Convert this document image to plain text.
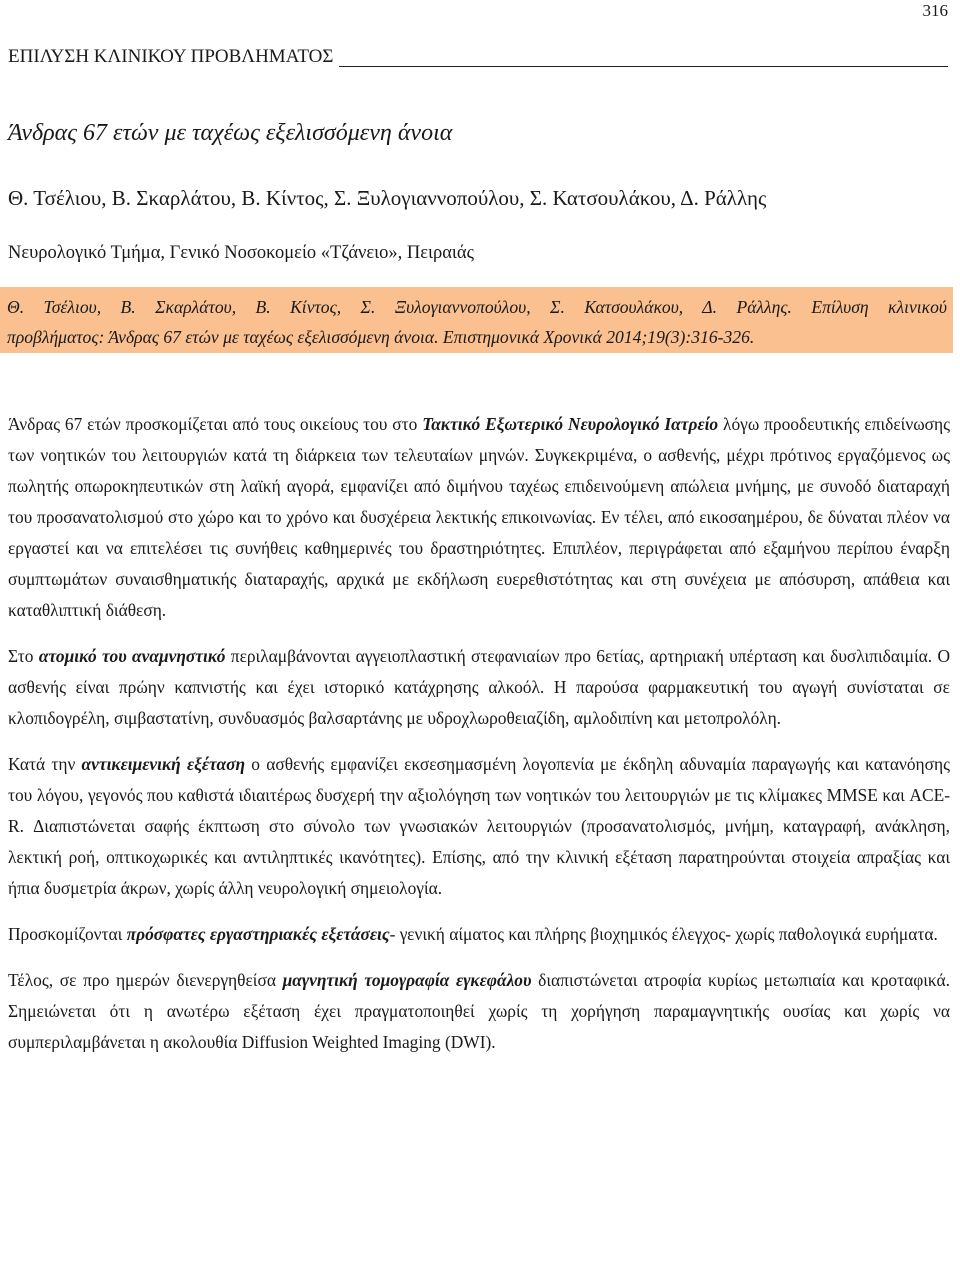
316
ΕΠΙΛΥΣΗ ΚΛΙΝΙΚΟΥ ΠΡΟΒΛΗΜΑΤΟΣ
Άνδρας 67 ετών με ταχέως εξελισσόμενη άνοια
Θ. Τσέλιου, Β. Σκαρλάτου, Β. Κίντος, Σ. Ξυλογιαννοπούλου, Σ. Κατσουλάκου, Δ. Ράλλης
Νευρολογικό Τμήμα, Γενικό Νοσοκομείο «Τζάνειο», Πειραιάς
Θ. Τσέλιου, Β. Σκαρλάτου, Β. Κίντος, Σ. Ξυλογιαννοπούλου, Σ. Κατσουλάκου, Δ. Ράλλης. Επίλυση κλινικού
προβλήματος: Άνδρας 67 ετών με ταχέως εξελισσόμενη άνοια. Επιστημονικά Χρονικά 2014;19(3):316-326.

Άνδρας 67 ετών προσκομίζεται από τους οικείους του στο Τακτικό Εξωτερικό Νευρολογικό Ιατρείο λόγω προοδευτικής επιδείνωσης των νοητικών του λειτουργιών κατά τη διάρκεια των τελευταίων μηνών. Συγκεκριμένα, ο ασθενής, μέχρι πρότινος εργαζόμενος ως πωλητής οπωροκηπευτικών στη λαϊκή αγορά, εμφανίζει από διμήνου ταχέως επιδεινούμενη απώλεια μνήμης, με συνοδό διαταραχή του προσανατολισμού στο χώρο και το χρόνο και δυσχέρεια λεκτικής επικοινωνίας. Εν τέλει, από εικοσαημέρου, δε δύναται πλέον να εργαστεί και να επιτελέσει τις συνήθεις καθημερινές του δραστηριότητες. Επιπλέον, περιγράφεται από εξαμήνου περίπου έναρξη συμπτωμάτων συναισθηματικής διαταραχής, αρχικά με εκδήλωση ευερεθιστότητας και στη συνέχεια με απόσυρση, απάθεια και καταθλιπτική διάθεση.

Στο ατομικό του αναμνηστικό περιλαμβάνονται αγγειοπλαστική στεφανιαίων προ 6ετίας, αρτηριακή υπέρταση και δυσλιπιδαιμία. Ο ασθενής είναι πρώην καπνιστής και έχει ιστορικό κατάχρησης αλκοόλ. Η παρούσα φαρμακευτική του αγωγή συνίσταται σε κλοπιδογρέλη, σιμβαστατίνη, συνδυασμός βαλσαρτάνης με υδροχλωροθειαζίδη, αμλοδιπίνη και μετοπρολόλη.

Κατά την αντικειμενική εξέταση ο ασθενής εμφανίζει εκσεσημασμένη λογοπενία με έκδηλη αδυναμία παραγωγής και κατανόησης του λόγου, γεγονός που καθιστά ιδιαιτέρως δυσχερή την αξιολόγηση των νοητικών του λειτουργιών με τις κλίμακες MMSE και ACE-R. Διαπιστώνεται σαφής έκπτωση στο σύνολο των γνωσιακών λειτουργιών (προσανατολισμός, μνήμη, καταγραφή, ανάκληση, λεκτική ροή, οπτικοχωρικές και αντιληπτικές ικανότητες). Επίσης, από την κλινική εξέταση παρατηρούνται στοιχεία απραξίας και ήπια δυσμετρία άκρων, χωρίς άλλη νευρολογική σημειολογία.

Προσκομίζονται πρόσφατες εργαστηριακές εξετάσεις- γενική αίματος και πλήρης βιοχημικός έλεγχος- χωρίς παθολογικά ευρήματα.

Τέλος, σε προ ημερών διενεργηθείσα μαγνητική τομογραφία εγκεφάλου διαπιστώνεται ατροφία κυρίως μετωπιαία και κροταφικά. Σημειώνεται ότι η ανωτέρω εξέταση έχει πραγματοποιηθεί χωρίς τη χορήγηση παραμαγνητικής ουσίας και χωρίς να συμπεριλαμβάνεται η ακολουθία Diffusion Weighted Imaging (DWI).
